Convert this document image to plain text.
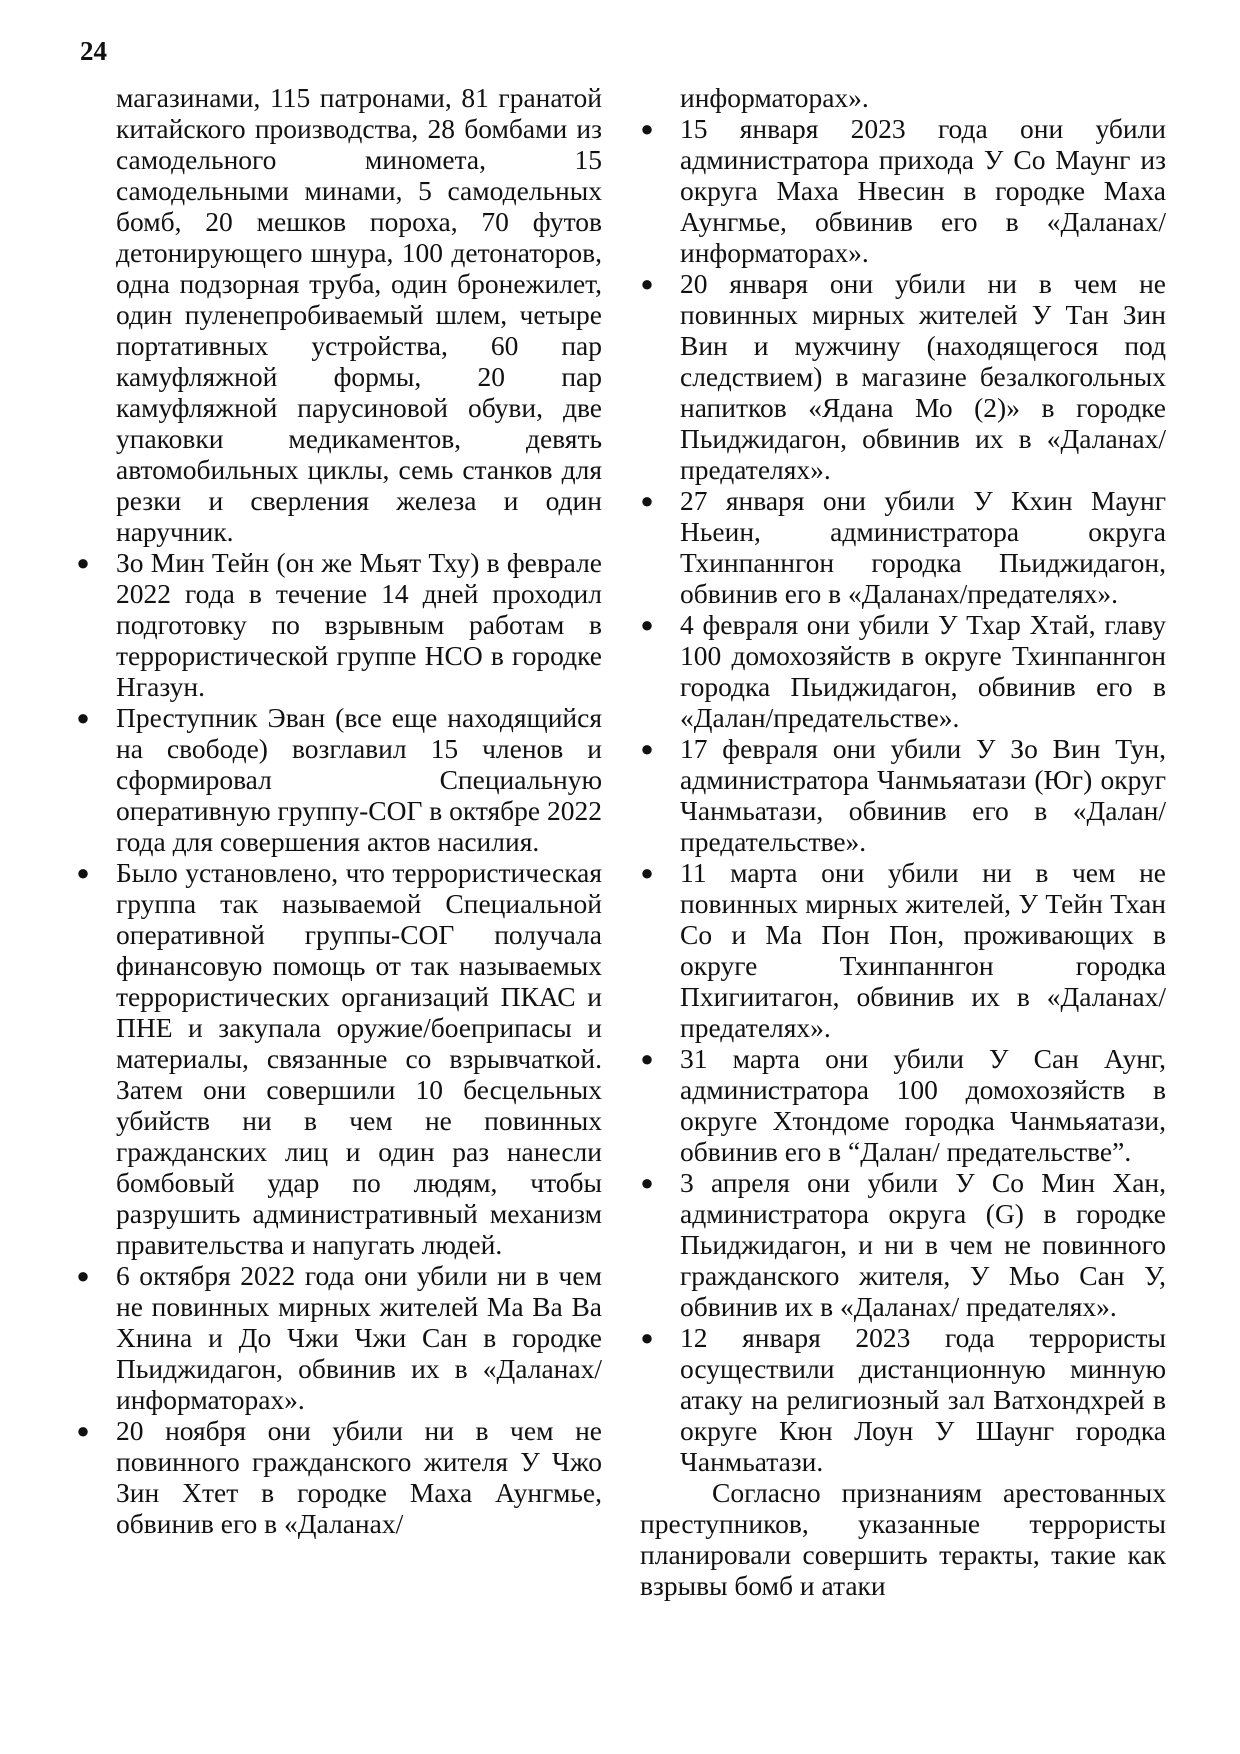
24

магазинами, 115 патронами, 81 гранатой китайского производства, 28 бомбами из самодельного миномета, 15 самодельными минами, 5 самодельных бомб, 20 мешков пороха, 70 футов детонирующего шнура, 100 детонаторов, одна подзорная труба, один бронежилет, один пуленепробиваемый шлем, четыре портативных устройства, 60 пар камуфляжной формы, 20 пар камуфляжной парусиновой обуви, две упаковки медикаментов, девять автомобильных циклы, семь станков для резки и сверления железа и один наручник.

● Зо Мин Тейн (он же Мьят Тху) в феврале 2022 года в течение 14 дней проходил подготовку по взрывным работам в террористической группе НСО в городке Нгазун.
● Преступник Эван (все еще находящийся на свободе) возглавил 15 членов и сформировал Специальную оперативную группу-СОГ в октябре 2022 года для совершения актов насилия.
● Было установлено, что террористическая группа так называемой Специальной оперативной группы-СОГ получала финансовую помощь от так называемых террористических организаций ПКАС и ПНЕ и закупала оружие/боеприпасы и материалы, связанные со взрывчаткой. Затем они совершили 10 бесцельных убийств ни в чем не повинных гражданских лиц и один раз нанесли бомбовый удар по людям, чтобы разрушить административный механизм правительства и напугать людей.
● 6 октября 2022 года они убили ни в чем не повинных мирных жителей Ма Ва Ва Хнина и До Чжи Чжи Сан в городке Пьиджидагон, обвинив их в «Даланах/информаторах».
● 20 ноября они убили ни в чем не повинного гражданского жителя У Чжо Зин Хтет в городке Маха Аунгмье, обвинив его в «Даланах/

информаторах».

● 15 января 2023 года они убили администратора прихода У Со Маунг из округа Маха Нвесин в городке Маха Аунгмье, обвинив его в «Даланах/информаторах».
● 20 января они убили ни в чем не повинных мирных жителей У Тан Зин Вин и мужчину (находящегося под следствием) в магазине безалкогольных напитков «Ядана Мо (2)» в городке Пьиджидагон, обвинив их в «Даланах/предателях».
● 27 января они убили У Кхин Маунг Ньеин, администратора округа Тхинпаннгон городка Пьиджидагон, обвинив его в «Даланах/предателях».
● 4 февраля они убили У Тхар Хтай, главу 100 домохозяйств в округе Тхинпаннгон городка Пьиджидагон, обвинив его в «Далан/предательстве».
● 17 февраля они убили У Зо Вин Тун, администратора Чанмьяатази (Юг) округ Чанмьатази, обвинив его в «Далан/предательстве».
● 11 марта они убили ни в чем не повинных мирных жителей, У Тейн Тхан Со и Ма Пон Пон, проживающих в округе Тхинпаннгон городка Пхигиитагон, обвинив их в «Даланах/ предателях».
● 31 марта они убили У Сан Аунг, администратора 100 домохозяйств в округе Хтондоме городка Чанмьяатази, обвинив его в “Далан/ предательстве”.
● 3 апреля они убили У Со Мин Хан, администратора округа (G) в городке Пьиджидагон, и ни в чем не повинного гражданского жителя, У Мьо Сан У, обвинив их в «Даланах/ предателях».
● 12 января 2023 года террористы осуществили дистанционную минную атаку на религиозный зал Ватхондхрей в округе Кюн Лоун У Шаунг городка Чанмьатази.

Согласно признаниям арестованных преступников, указанные террористы планировали совершить теракты, такие как взрывы бомб и атаки
